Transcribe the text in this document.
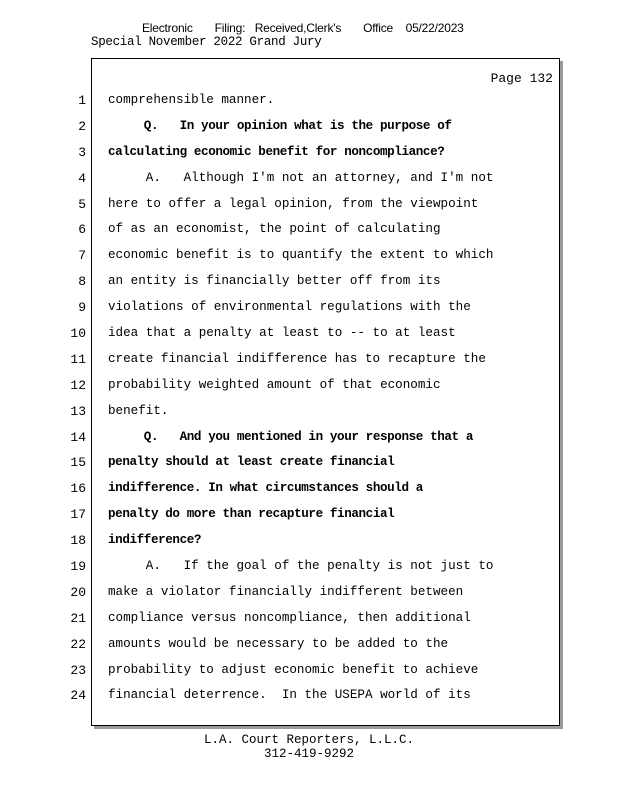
Electronic Filing: Received,Clerk's Office 05/22/2023
Special November 2022 Grand Jury
Page 132
1
2
3
4
5
6
7
8
9
10
11
12
13
14
15
16
17
18
19
20
21
22
23
24
comprehensible manner.
Q.   In your opinion what is the purpose of
calculating economic benefit for noncompliance?
A.   Although I'm not an attorney, and I'm not
here to offer a legal opinion, from the viewpoint
of as an economist, the point of calculating
economic benefit is to quantify the extent to which
an entity is financially better off from its
violations of environmental regulations with the
idea that a penalty at least to -- to at least
create financial indifference has to recapture the
probability weighted amount of that economic
benefit.
Q.   And you mentioned in your response that a
penalty should at least create financial
indifference. In what circumstances should a
penalty do more than recapture financial
indifference?
A.   If the goal of the penalty is not just to
make a violator financially indifferent between
compliance versus noncompliance, then additional
amounts would be necessary to be added to the
probability to adjust economic benefit to achieve
financial deterrence.  In the USEPA world of its
L.A. Court Reporters, L.L.C.
312-419-9292
